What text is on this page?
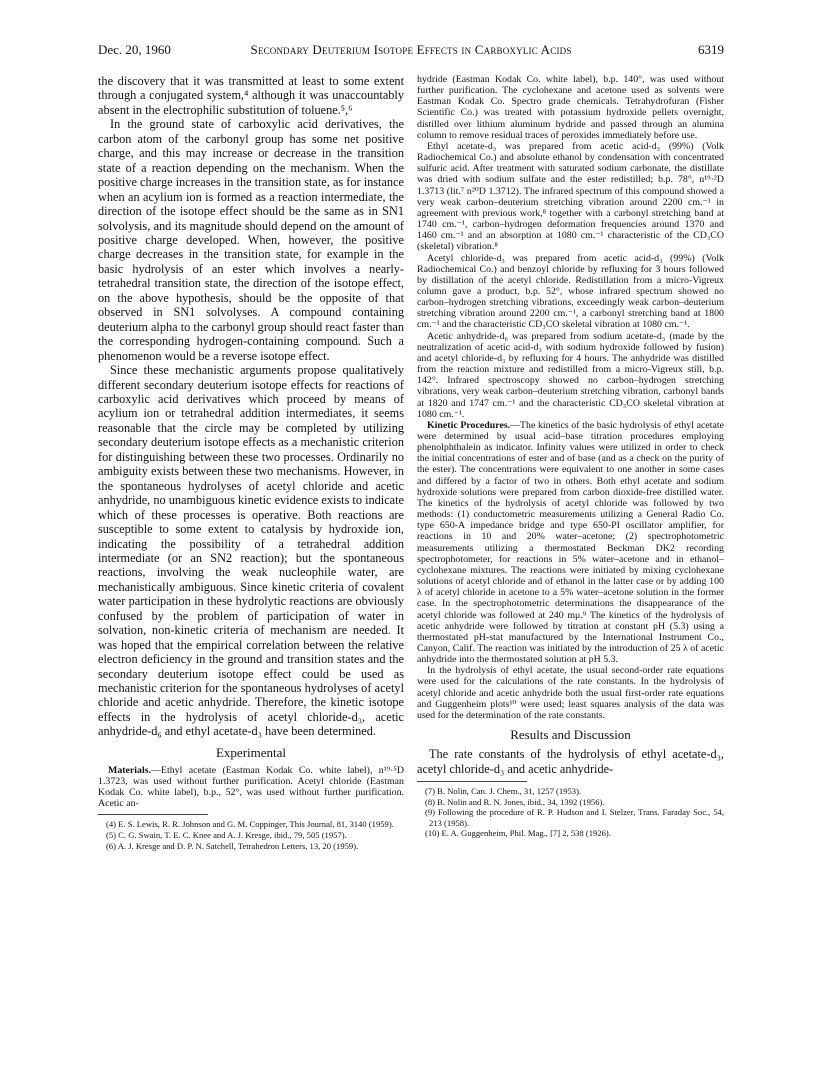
Dec. 20, 1960	Secondary Deuterium Isotope Effects in Carboxylic Acids	6319

the discovery that it was transmitted at least to some extent through a conjugated system,⁴ although it was unaccountably absent in the electrophilic substitution of toluene.⁵,⁶

In the ground state of carboxylic acid derivatives, the carbon atom of the carbonyl group has some net positive charge, and this may increase or decrease in the transition state of a reaction depending on the mechanism. When the positive charge increases in the transition state, as for instance when an acylium ion is formed as a reaction intermediate, the direction of the isotope effect should be the same as in SN1 solvolysis, and its magnitude should depend on the amount of positive charge developed. When, however, the positive charge decreases in the transition state, for example in the basic hydrolysis of an ester which involves a nearly-tetrahedral transition state, the direction of the isotope effect, on the above hypothesis, should be the opposite of that observed in SN1 solvolyses. A compound containing deuterium alpha to the carbonyl group should react faster than the corresponding hydrogen-containing compound. Such a phenomenon would be a reverse isotope effect.

Since these mechanistic arguments propose qualitatively different secondary deuterium isotope effects for reactions of carboxylic acid derivatives which proceed by means of acylium ion or tetrahedral addition intermediates, it seems reasonable that the circle may be completed by utilizing secondary deuterium isotope effects as a mechanistic criterion for distinguishing between these two processes. Ordinarily no ambiguity exists between these two mechanisms. However, in the spontaneous hydrolyses of acetyl chloride and acetic anhydride, no unambiguous kinetic evidence exists to indicate which of these processes is operative. Both reactions are susceptible to some extent to catalysis by hydroxide ion, indicating the possibility of a tetrahedral addition intermediate (or an SN2 reaction); but the spontaneous reactions, involving the weak nucleophile water, are mechanistically ambiguous. Since kinetic criteria of covalent water participation in these hydrolytic reactions are obviously confused by the problem of participation of water in solvation, non-kinetic criteria of mechanism are needed. It was hoped that the empirical correlation between the relative electron deficiency in the ground and transition states and the secondary deuterium isotope effect could be used as mechanistic criterion for the spontaneous hydrolyses of acetyl chloride and acetic anhydride. Therefore, the kinetic isotope effects in the hydrolysis of acetyl chloride-d₃, acetic anhydride-d₆ and ethyl acetate-d₃ have been determined.

Experimental

Materials.—Ethyl acetate (Eastman Kodak Co. white label), n¹⁹·⁵D 1.3723, was used without further purification. Acetyl chloride (Eastman Kodak Co. white label), b.p., 52°, was used without further purification. Acetic an-

(4) E. S. Lewis, R. R. Johnson and G. M. Coppinger, This Journal, 81, 3140 (1959).

(5) C. G. Swain, T. E. C. Knee and A. J. Kresge, ibid., 79, 505 (1957).

(6) A. J. Kresge and D. P. N. Satchell, Tetrahedron Letters, 13, 20 (1959).

hydride (Eastman Kodak Co. white label), b.p. 140°, was used without further purification. The cyclohexane and acetone used as solvents were Eastman Kodak Co. Spectro grade chemicals. Tetrahydrofuran (Fisher Scientific Co.) was treated with potassium hydroxide pellets overnight, distilled over lithium aluminum hydride and passed through an alumina column to remove residual traces of peroxides immediately before use.

Ethyl acetate-d₃ was prepared from acetic acid-d₃ (99%) (Volk Radiochemical Co.) and absolute ethanol by condensation with concentrated sulfuric acid. After treatment with saturated sodium carbonate, the distillate was dried with sodium sulfate and the ester redistilled; b.p. 78°, n¹⁹·²D 1.3713 (lit.⁷ n²⁰D 1.3712). The infrared spectrum of this compound showed a very weak carbon–deuterium stretching vibration around 2200 cm.⁻¹ in agreement with previous work,⁸ together with a carbonyl stretching band at 1740 cm.⁻¹, carbon–hydrogen deformation frequencies around 1370 and 1460 cm.⁻¹ and an absorption at 1080 cm.⁻¹ characteristic of the CD₃CO (skeletal) vibration.⁸

Acetyl chloride-d₃ was prepared from acetic acid-d₃ (99%) (Volk Radiochemical Co.) and benzoyl chloride by refluxing for 3 hours followed by distillation of the acetyl chloride. Redistillation from a micro-Vigreux column gave a product, b.p. 52°, whose infrared spectrum showed no carbon–hydrogen stretching vibrations, exceedingly weak carbon–deuterium stretching vibration around 2200 cm.⁻¹, a carbonyl stretching band at 1800 cm.⁻¹ and the characteristic CD₃CO skeletal vibration at 1080 cm.⁻¹.

Acetic anhydride-d₆ was prepared from sodium acetate-d₃ (made by the neutralization of acetic acid-d₃ with sodium hydroxide followed by fusion) and acetyl chloride-d₃ by refluxing for 4 hours. The anhydride was distilled from the reaction mixture and redistilled from a micro-Vigreux still, b.p. 142°. Infrared spectroscopy showed no carbon–hydrogen stretching vibrations, very weak carbon–deuterium stretching vibration, carbonyl bands at 1820 and 1747 cm.⁻¹ and the characteristic CD₃CO skeletal vibration at 1080 cm.⁻¹.

Kinetic Procedures.—The kinetics of the basic hydrolysis of ethyl acetate were determined by usual acid–base titration procedures employing phenolphthalein as indicator. Infinity values were utilized in order to check the initial concentrations of ester and of base (and as a check on the purity of the ester). The concentrations were equivalent to one another in some cases and differed by a factor of two in others. Both ethyl acetate and sodium hydroxide solutions were prepared from carbon dioxide-free distilled water. The kinetics of the hydrolysis of acetyl chloride was followed by two methods: (1) conductometric measurements utilizing a General Radio Co. type 650-A impedance bridge and type 650-PI oscillator amplifier, for reactions in 10 and 20% water–acetone; (2) spectrophotometric measurements utilizing a thermostated Beckman DK2 recording spectrophotometer, for reactions in 5% water–acetone and in ethanol–cyclohexane mixtures. The reactions were initiated by mixing cyclohexane solutions of acetyl chloride and of ethanol in the latter case or by adding 100 λ of acetyl chloride in acetone to a 5% water–acetone solution in the former case. In the spectrophotometric determinations the disappearance of the acetyl chloride was followed at 240 mμ.⁹ The kinetics of the hydrolysis of acetic anhydride were followed by titration at constant pH (5.3) using a thermostated pH-stat manufactured by the International Instrument Co., Canyon, Calif. The reaction was initiated by the introduction of 25 λ of acetic anhydride into the thermostated solution at pH 5.3.

In the hydrolysis of ethyl acetate, the usual second-order rate equations were used for the calculations of the rate constants. In the hydrolysis of acetyl chloride and acetic anhydride both the usual first-order rate equations and Guggenheim plots¹⁰ were used; least squares analysis of the data was used for the determination of the rate constants.

Results and Discussion

The rate constants of the hydrolysis of ethyl acetate-d₃, acetyl chloride-d₃ and acetic anhydride-

(7) B. Nolin, Can. J. Chem., 31, 1257 (1953).

(8) B. Nolin and R. N. Jones, ibid., 34, 1392 (1956).

(9) Following the procedure of R. P. Hudson and I. Stelzer, Trans. Faraday Soc., 54, 213 (1958).

(10) E. A. Guggenheim, Phil. Mag., [7] 2, 538 (1926).
